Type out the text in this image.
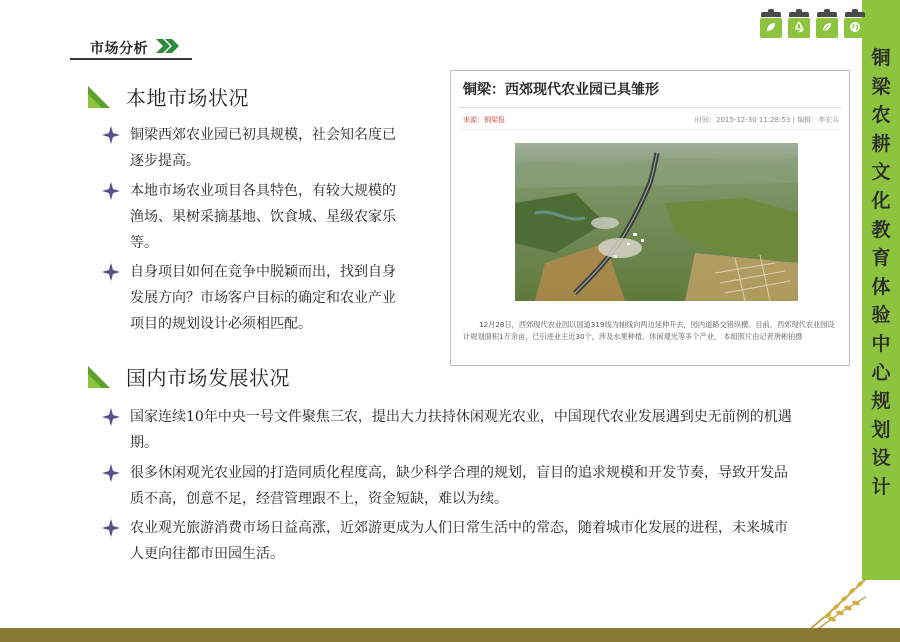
铜
梁
农
耕
文
化
教
育
体
验
中
心
规
划
设
计
市场分析
本地市场状况
铜梁西郊农业园已初具规模，社会知名度已
逐步提高。
本地市场农业项目各具特色，有较大规模的
渔场、果树采摘基地、饮食城、星级农家乐
等。
自身项目如何在竞争中脱颖而出，找到自身
发展方向？市场客户目标的确定和农业产业
项目的规划设计必须相匹配。
国内市场发展状况
国家连续10年中央一号文件聚焦三农，提出大力扶持休闲观光农业，中国现代农业发展遇到史无前例的机遇
期。
很多休闲观光农业园的打造同质化程度高，缺少科学合理的规划，盲目的追求规模和开发节奏，导致开发品
质不高，创意不足，经营管理跟不上，资金短缺，难以为续。
农业观光旅游消费市场日益高涨，近郊游更成为人们日常生活中的常态，随着城市化发展的进程，未来城市
人更向往都市田园生活。
铜梁：西郊现代农业园已具雏形
来源：铜梁报	时间：2015-12-30 11:28:53 | 编辑：李宏兵
12月28日，西郊现代农业园以国道319线为轴线向两边延伸开去，园内道路交错纵横。目前，西郊现代农业园设计规划面积1万余亩，已引进业主近30个，涉及水果种植、休闲观光等多个产业。 本组照片由记者唐彬拍摄
